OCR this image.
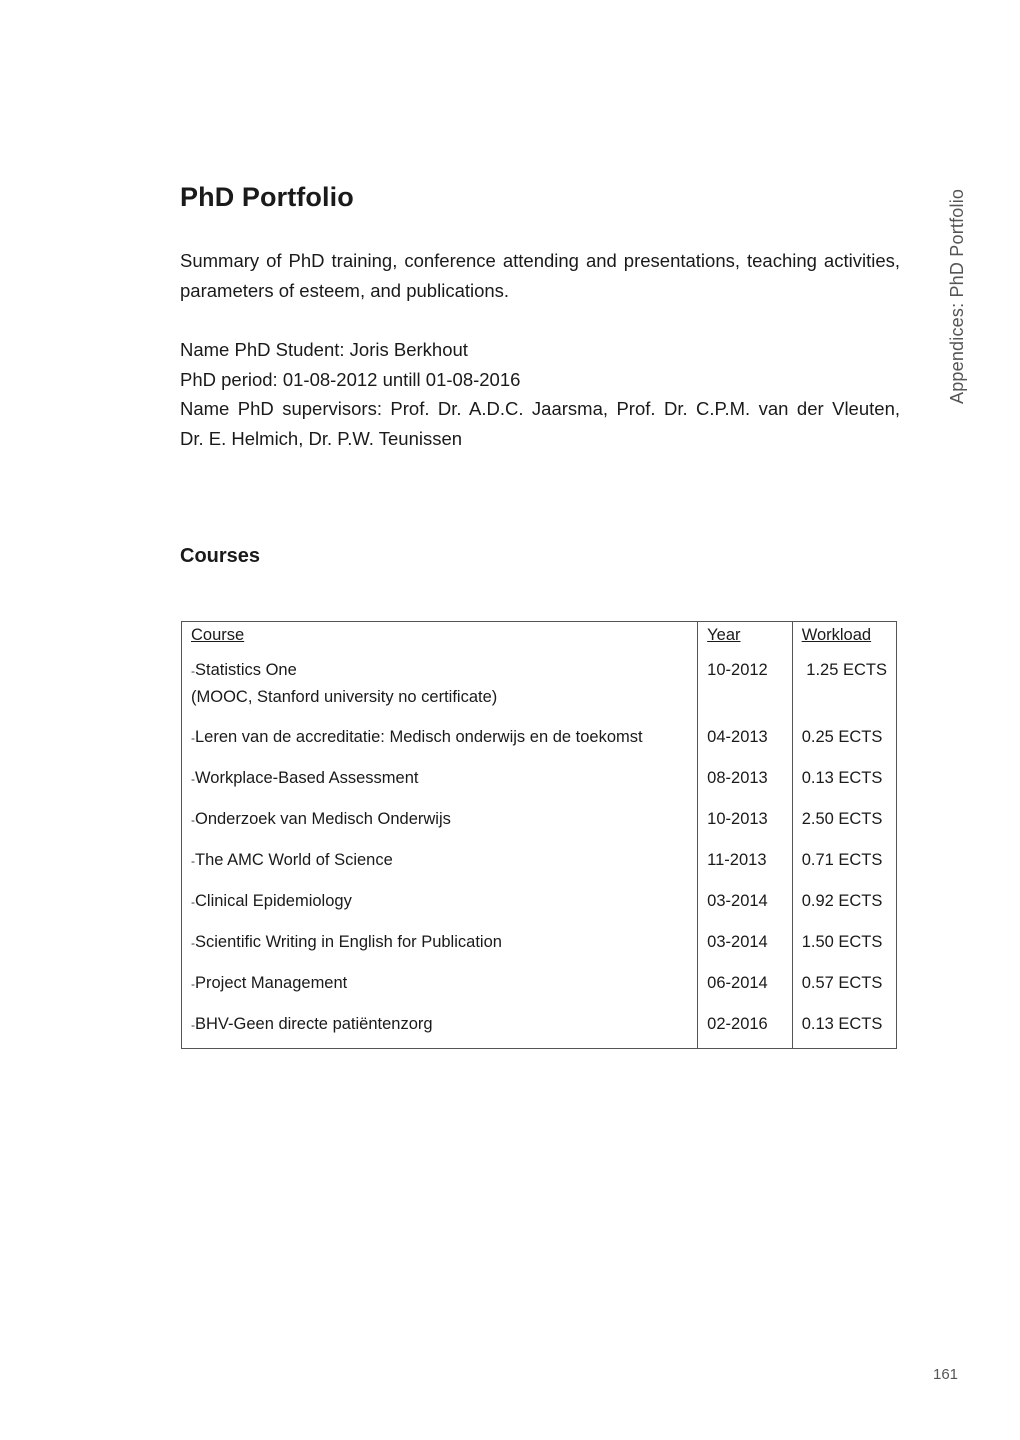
PhD Portfolio	Appendices: PhD Portfolio
Summary of PhD training, conference attending and presentations, teaching activities, parameters of esteem, and publications.
Name PhD Student: Joris Berkhout
PhD period: 01-08-2012 untill 01-08-2016
Name PhD supervisors: Prof. Dr. A.D.C. Jaarsma, Prof. Dr. C.P.M. van der Vleuten,
Dr. E. Helmich, Dr. P.W. Teunissen
Courses
Course	Year	Workload

-Statistics One
(MOOC, Stanford university no certificate)	10-2012	1.25 ECTS

-Leren van de accreditatie: Medisch onderwijs en de toekomst	04-2013	0.25 ECTS

-Workplace-Based Assessment	08-2013	0.13 ECTS

-Onderzoek van Medisch Onderwijs	10-2013	2.50 ECTS

-The AMC World of Science	11-2013	0.71 ECTS

-Clinical Epidemiology	03-2014	0.92 ECTS

-Scientific Writing in English for Publication	03-2014	1.50 ECTS

-Project Management	06-2014	0.57 ECTS

-BHV-Geen directe patiëntenzorg	02-2016	0.13 ECTS
161
